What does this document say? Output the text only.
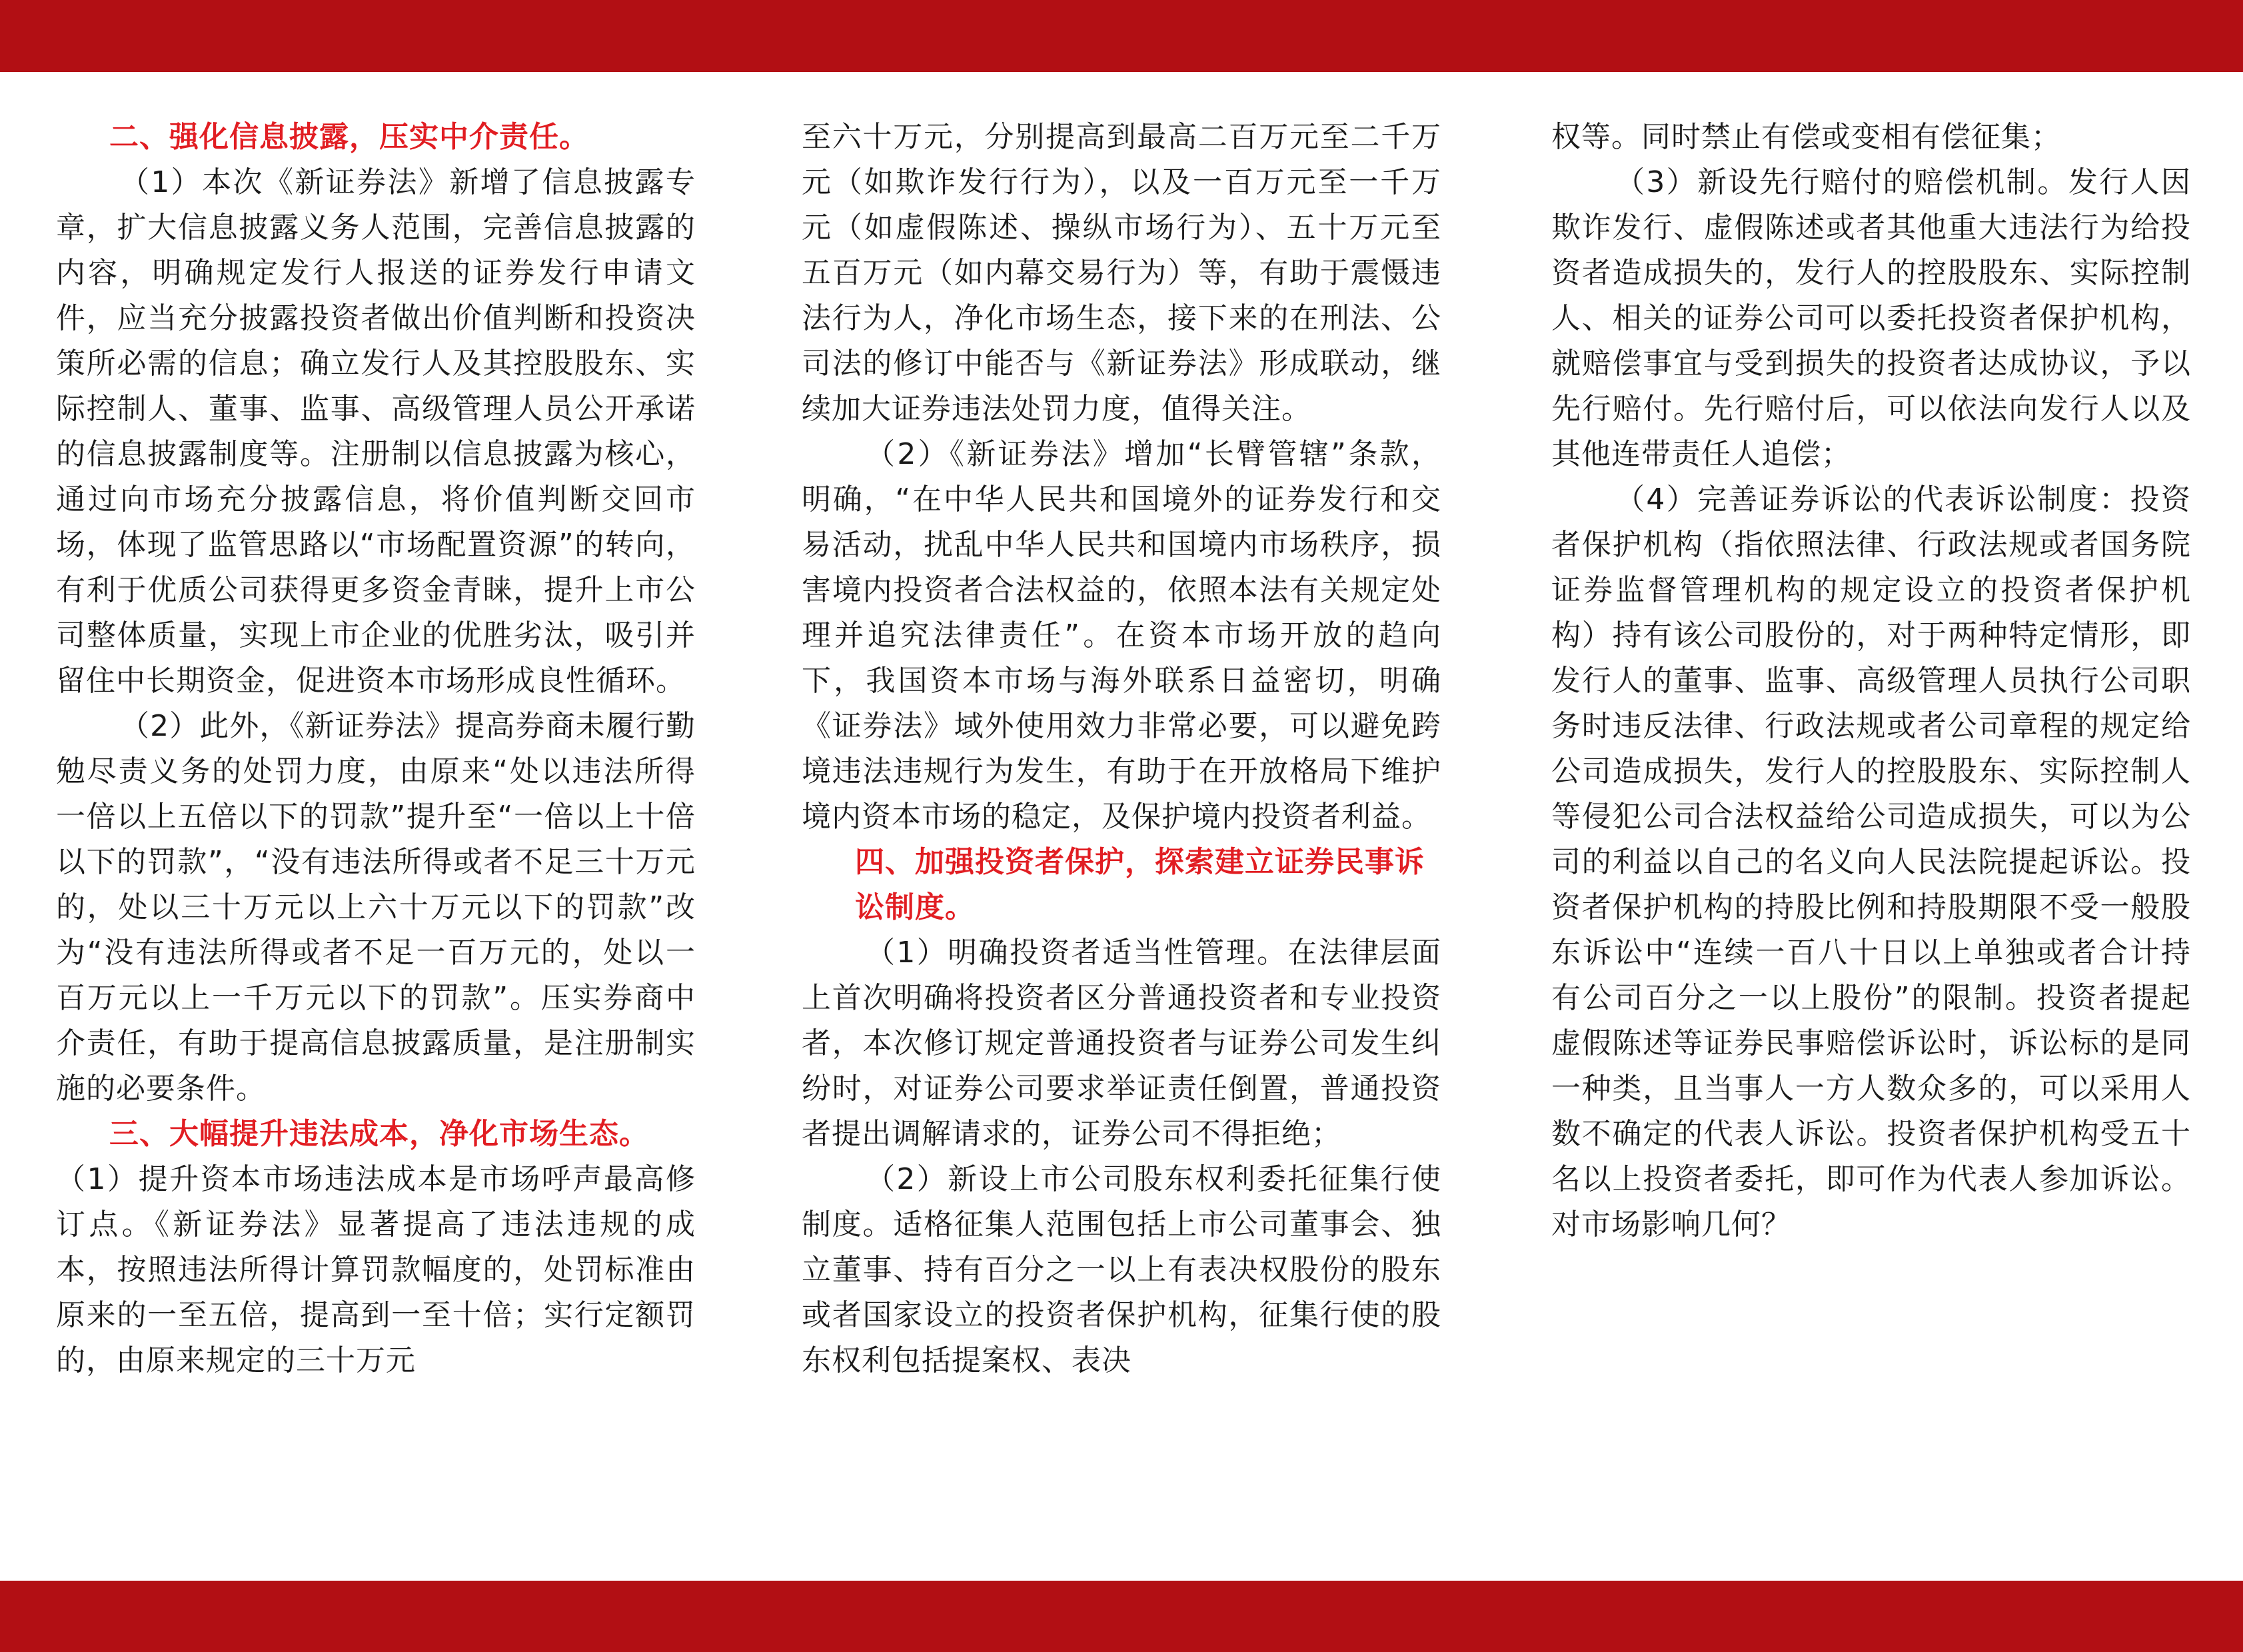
二、强化信息披露，压实中介责任。

（1）本次《新证券法》新增了信息披露专章，扩大信息披露义务人范围，完善信息披露的内容，明确规定发行人报送的证券发行申请文件，应当充分披露投资者做出价值判断和投资决策所必需的信息；确立发行人及其控股股东、实际控制人、董事、监事、高级管理人员公开承诺的信息披露制度等。注册制以信息披露为核心，通过向市场充分披露信息，将价值判断交回市场，体现了监管思路以“市场配置资源”的转向，有利于优质公司获得更多资金青睐，提升上市公司整体质量，实现上市企业的优胜劣汰，吸引并留住中长期资金，促进资本市场形成良性循环。

（2）此外，《新证券法》提高券商未履行勤勉尽责义务的处罚力度，由原来“处以违法所得一倍以上五倍以下的罚款”提升至“一倍以上十倍以下的罚款”，“没有违法所得或者不足三十万元的，处以三十万元以上六十万元以下的罚款”改为“没有违法所得或者不足一百万元的，处以一百万元以上一千万元以下的罚款”。压实券商中介责任，有助于提高信息披露质量，是注册制实施的必要条件。

三、大幅提升违法成本，净化市场生态。

（1）提升资本市场违法成本是市场呼声最高修订点。《新证券法》显著提高了违法违规的成本，按照违法所得计算罚款幅度的，处罚标准由原来的一至五倍，提高到一至十倍；实行定额罚的，由原来规定的三十万元

至六十万元，分别提高到最高二百万元至二千万元（如欺诈发行行为），以及一百万元至一千万元（如虚假陈述、操纵市场行为）、五十万元至五百万元（如内幕交易行为）等，有助于震慑违法行为人，净化市场生态，接下来的在刑法、公司法的修订中能否与《新证券法》形成联动，继续加大证券违法处罚力度，值得关注。

（2）《新证券法》增加“长臂管辖”条款，明确，“在中华人民共和国境外的证券发行和交易活动，扰乱中华人民共和国境内市场秩序，损害境内投资者合法权益的，依照本法有关规定处理并追究法律责任”。在资本市场开放的趋向下，我国资本市场与海外联系日益密切，明确《证券法》域外使用效力非常必要，可以避免跨境违法违规行为发生，有助于在开放格局下维护境内资本市场的稳定，及保护境内投资者利益。

四、加强投资者保护，探索建立证券民事诉讼制度。

（1）明确投资者适当性管理。在法律层面上首次明确将投资者区分普通投资者和专业投资者，本次修订规定普通投资者与证券公司发生纠纷时，对证券公司要求举证责任倒置，普通投资者提出调解请求的，证券公司不得拒绝；

（2）新设上市公司股东权利委托征集行使制度。适格征集人范围包括上市公司董事会、独立董事、持有百分之一以上有表决权股份的股东或者国家设立的投资者保护机构，征集行使的股东权利包括提案权、表决

权等。同时禁止有偿或变相有偿征集；

（3）新设先行赔付的赔偿机制。发行人因欺诈发行、虚假陈述或者其他重大违法行为给投资者造成损失的，发行人的控股股东、实际控制人、相关的证券公司可以委托投资者保护机构，就赔偿事宜与受到损失的投资者达成协议，予以先行赔付。先行赔付后，可以依法向发行人以及其他连带责任人追偿；

（4）完善证券诉讼的代表诉讼制度：投资者保护机构（指依照法律、行政法规或者国务院证券监督管理机构的规定设立的投资者保护机构）持有该公司股份的，对于两种特定情形，即发行人的董事、监事、高级管理人员执行公司职务时违反法律、行政法规或者公司章程的规定给公司造成损失，发行人的控股股东、实际控制人等侵犯公司合法权益给公司造成损失，可以为公司的利益以自己的名义向人民法院提起诉讼。投资者保护机构的持股比例和持股期限不受一般股东诉讼中“连续一百八十日以上单独或者合计持有公司百分之一以上股份”的限制。投资者提起虚假陈述等证券民事赔偿诉讼时，诉讼标的是同一种类，且当事人一方人数众多的，可以采用人数不确定的代表人诉讼。投资者保护机构受五十名以上投资者委托，即可作为代表人参加诉讼。对市场影响几何？
